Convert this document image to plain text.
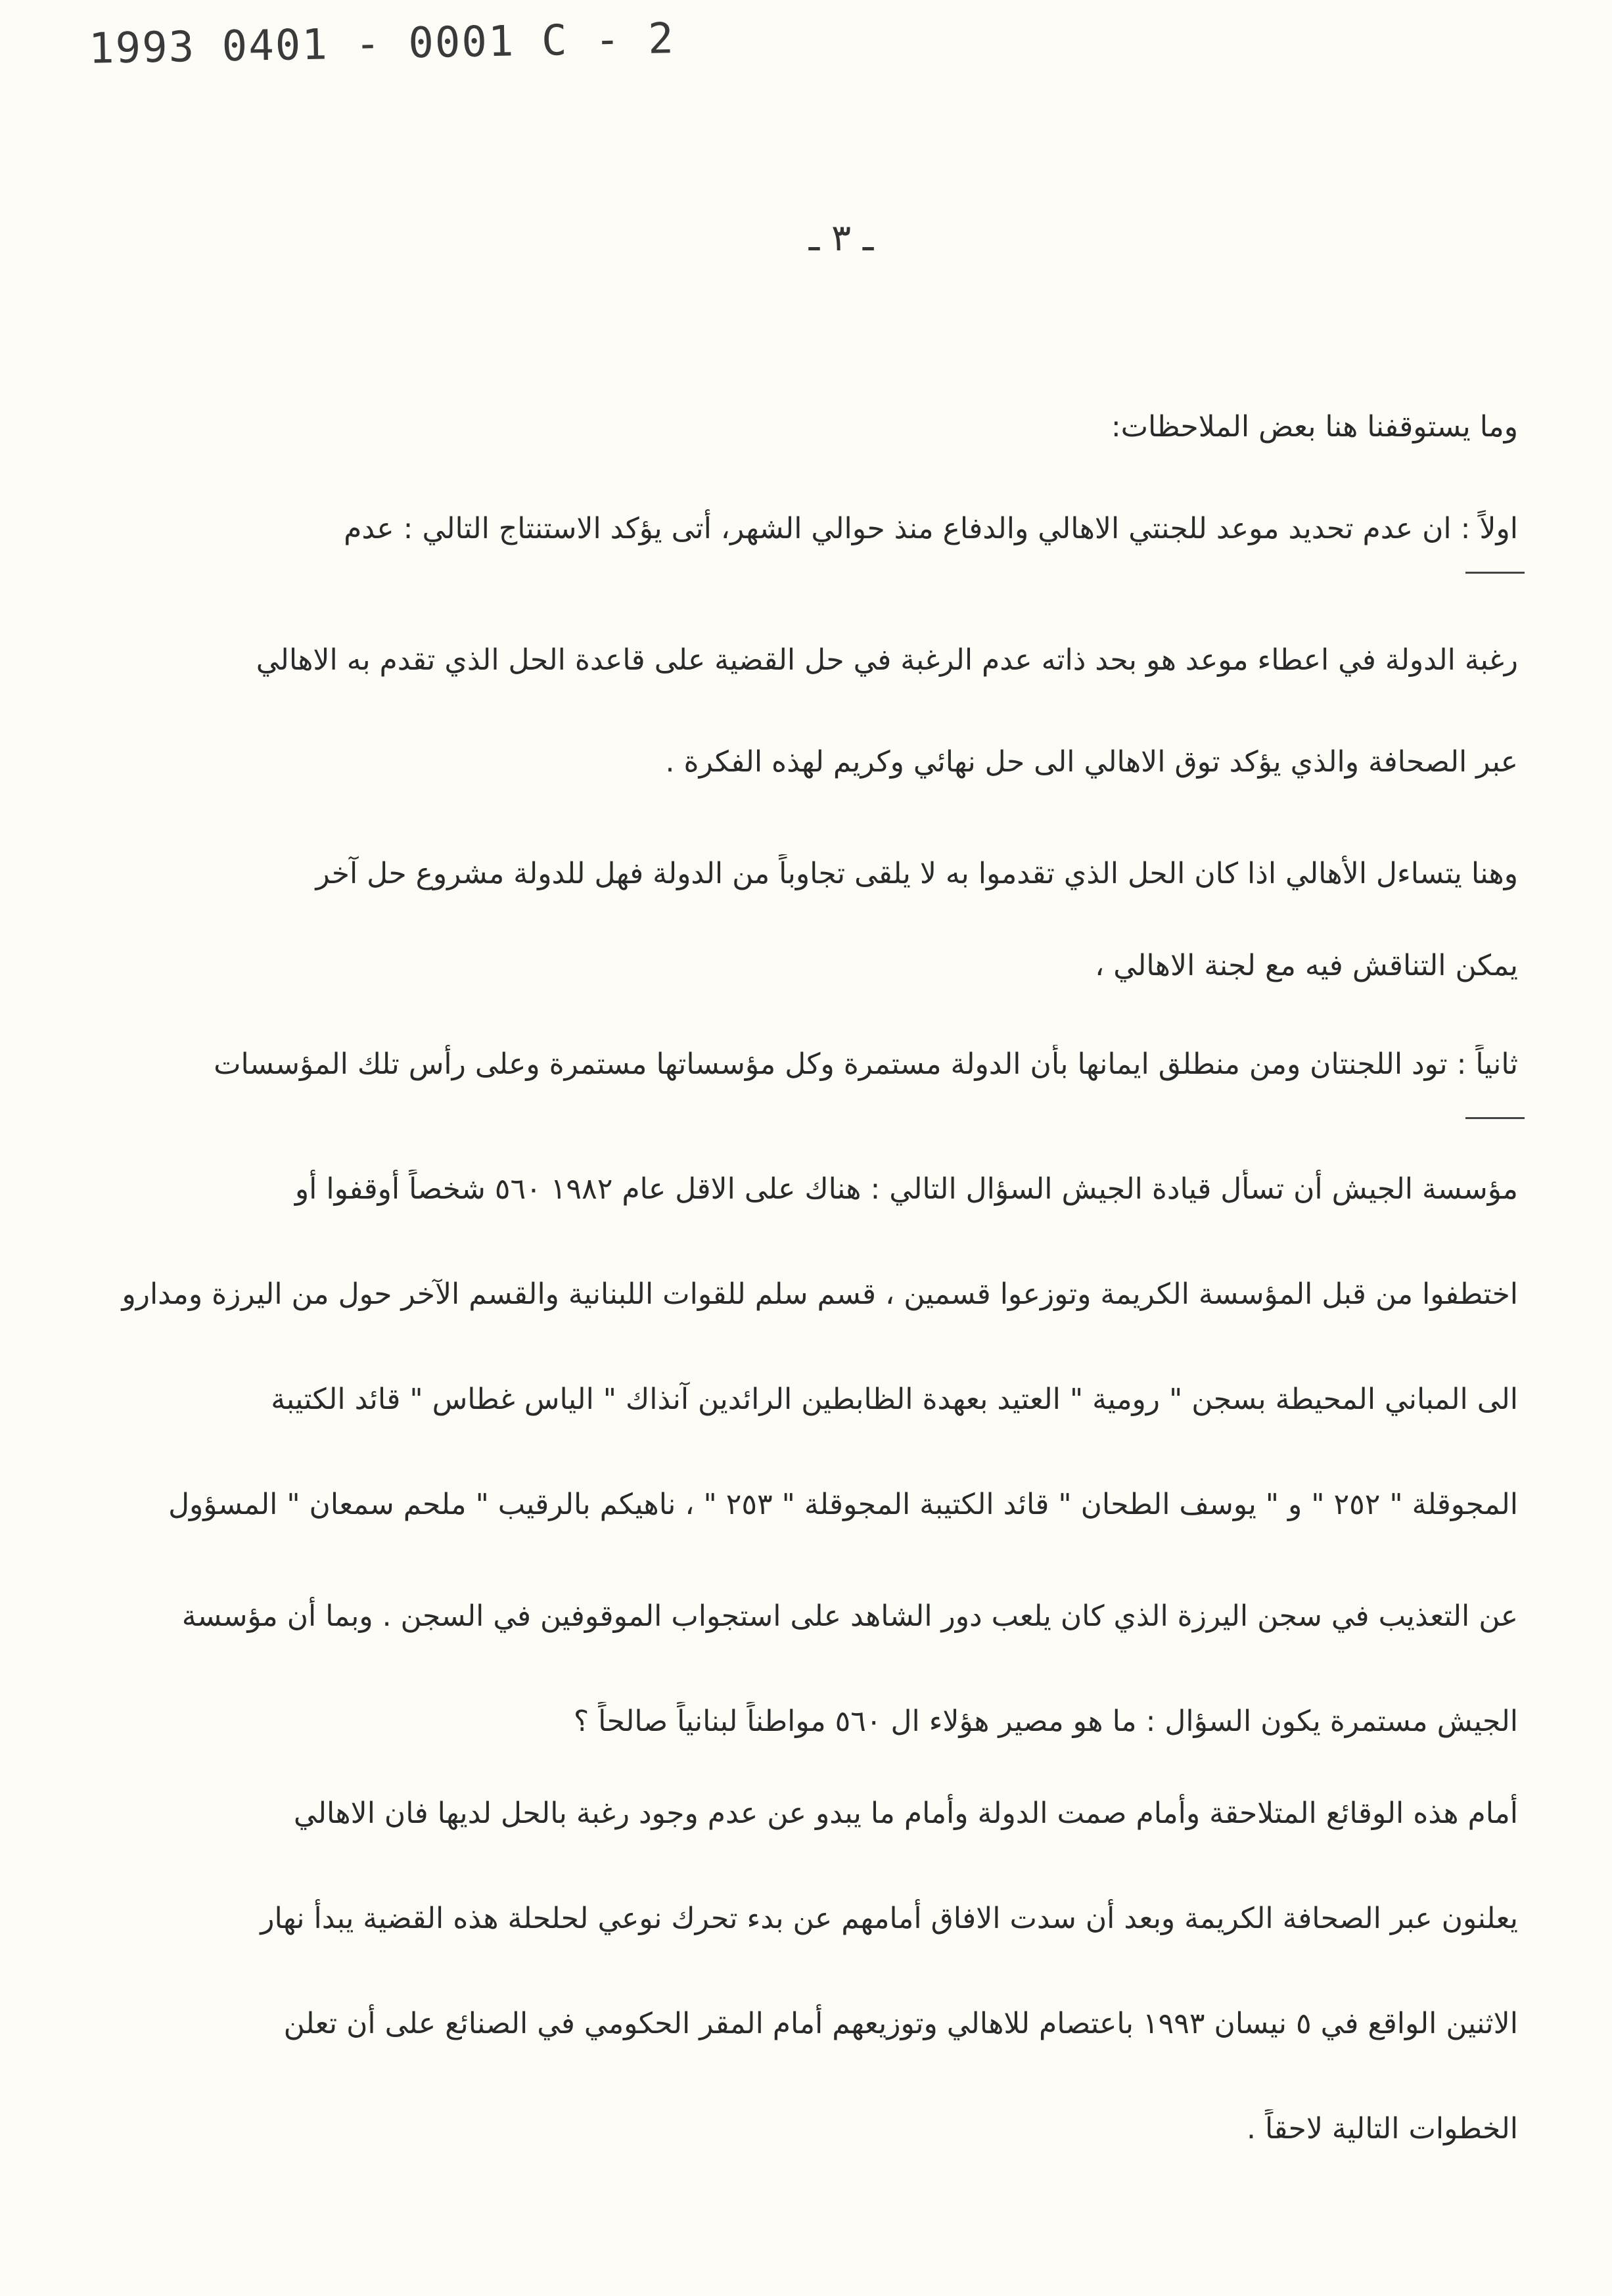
1993 0401 - 0001 C - 2
ـ ٣ ـ
وما يستوقفنا هنا بعض الملاحظات:
اولاً : ان عدم تحديد موعد للجنتي الاهالي والدفاع منذ حوالي الشهر، أتى يؤكد الاستنتاج التالي : عدم
رغبة الدولة في اعطاء موعد هو بحد ذاته عدم الرغبة في حل القضية على قاعدة الحل الذي تقدم به الاهالي
عبر الصحافة والذي يؤكد توق الاهالي الى حل نهائي وكريم لهذه الفكرة .
وهنا يتساءل الأهالي اذا كان الحل الذي تقدموا به لا يلقى تجاوباً من الدولة فهل للدولة مشروع حل آخر
يمكن التناقش فيه مع لجنة الاهالي ،
ثانياً : تود اللجنتان ومن منطلق ايمانها بأن الدولة مستمرة وكل مؤسساتها مستمرة وعلى رأس تلك المؤسسات
مؤسسة الجيش أن تسأل قيادة الجيش السؤال التالي : هناك على الاقل عام ١٩٨٢ ٥٦٠ شخصاً أوقفوا أو
اختطفوا من قبل المؤسسة الكريمة وتوزعوا قسمين ، قسم سلم للقوات اللبنانية والقسم الآخر حول من اليرزة ومدارو
الى المباني المحيطة بسجن " رومية " العتيد بعهدة الظابطين الرائدين آنذاك " الياس غطاس " قائد الكتيبة
المجوقلة " ٢٥٢ " و " يوسف الطحان " قائد الكتيبة المجوقلة " ٢٥٣ " ، ناهيكم بالرقيب " ملحم سمعان " المسؤول
عن التعذيب في سجن اليرزة الذي كان يلعب دور الشاهد على استجواب الموقوفين في السجن . وبما أن مؤسسة
الجيش مستمرة يكون السؤال : ما هو مصير هؤلاء ال ٥٦٠ مواطناً لبنانياً صالحاً ؟
أمام هذه الوقائع المتلاحقة وأمام صمت الدولة وأمام ما يبدو عن عدم وجود رغبة بالحل لديها فان الاهالي
يعلنون عبر الصحافة الكريمة وبعد أن سدت الافاق أمامهم عن بدء تحرك نوعي لحلحلة هذه القضية يبدأ نهار
الاثنين الواقع في ٥ نيسان ١٩٩٣ باعتصام للاهالي وتوزيعهم أمام المقر الحكومي في الصنائع على أن تعلن
الخطوات التالية لاحقاً .
